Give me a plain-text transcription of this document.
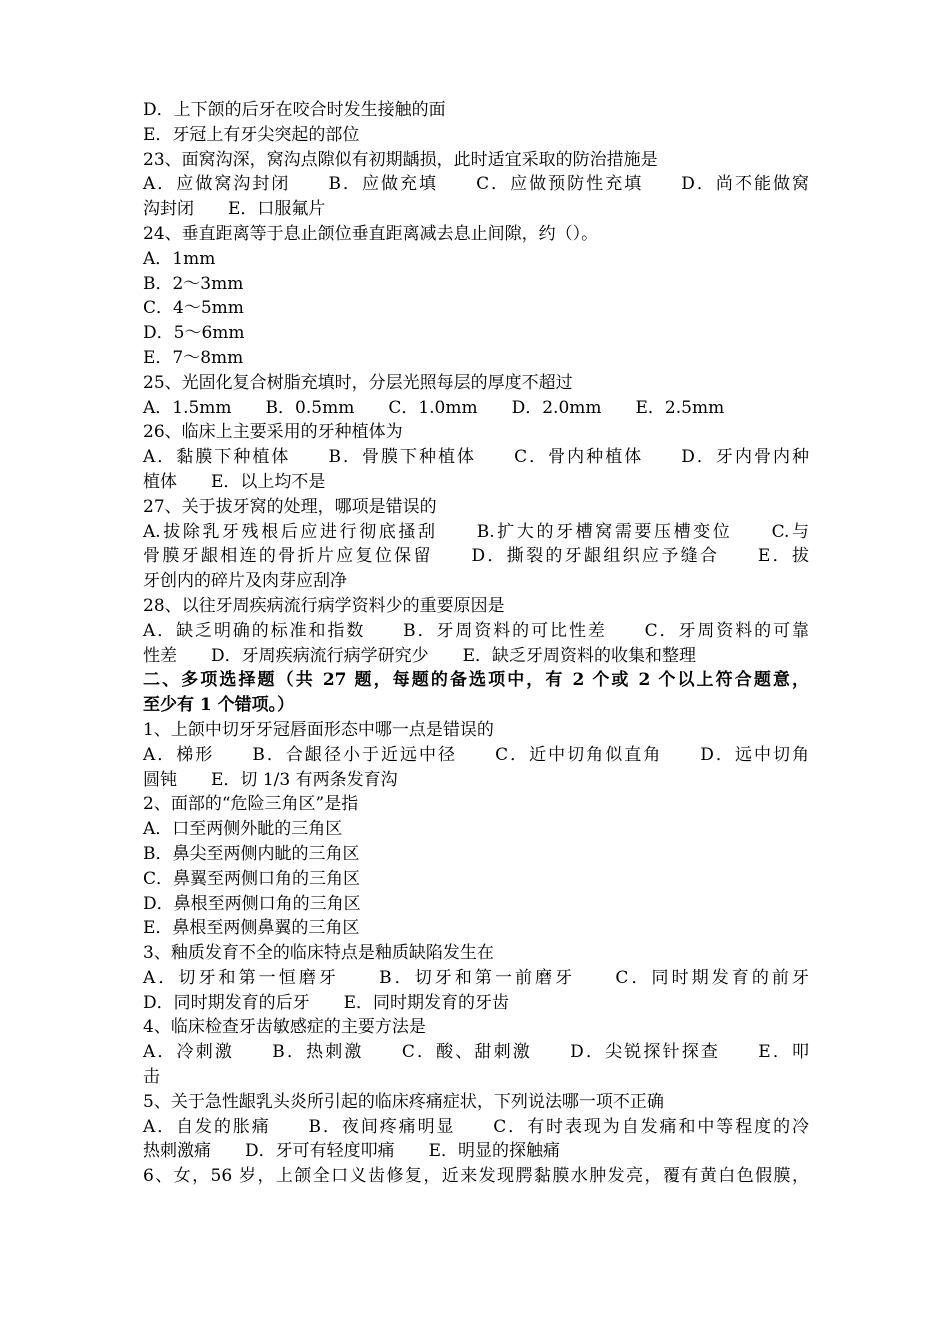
D．上下颌的后牙在咬合时发生接触的面
E．牙冠上有牙尖突起的部位
23、面窝沟深，窝沟点隙似有初期龋损，此时适宜采取的防治措施是
A．应做窝沟封闭　　B．应做充填　　C．应做预防性充填　　D．尚不能做窝
沟封闭　　E．口服氟片
24、垂直距离等于息止颌位垂直距离减去息止间隙，约（）。
A．1mm
B．2～3mm
C．4～5mm
D．5～6mm
E．7～8mm
25、光固化复合树脂充填时，分层光照每层的厚度不超过
A．1.5mm　　B．0.5mm　　C．1.0mm　　D．2.0mm　　E．2.5mm
26、临床上主要采用的牙种植体为
A．黏膜下种植体　　B．骨膜下种植体　　C．骨内种植体　　D．牙内骨内种
植体　　E．以上均不是
27、关于拔牙窝的处理，哪项是错误的
A.拔除乳牙残根后应进行彻底搔刮　　B.扩大的牙槽窝需要压槽变位　　C.与
骨膜牙龈相连的骨折片应复位保留　　D．撕裂的牙龈组织应予缝合　　E．拔
牙创内的碎片及肉芽应刮净
28、以往牙周疾病流行病学资料少的重要原因是
A．缺乏明确的标准和指数　　B．牙周资料的可比性差　　C．牙周资料的可靠
性差　　D．牙周疾病流行病学研究少　　E．缺乏牙周资料的收集和整理
二、多项选择题（共 27 题，每题的备选项中，有 2 个或 2 个以上符合题意，
至少有 1 个错项。）
1、上颌中切牙牙冠唇面形态中哪一点是错误的
A．梯形　　B．合龈径小于近远中径　　C．近中切角似直角　　D．远中切角
圆钝　　E．切 1/3 有两条发育沟
2、面部的“危险三角区”是指
A．口至两侧外眦的三角区
B．鼻尖至两侧内眦的三角区
C．鼻翼至两侧口角的三角区
D．鼻根至两侧口角的三角区
E．鼻根至两侧鼻翼的三角区
3、釉质发育不全的临床特点是釉质缺陷发生在
A．切牙和第一恒磨牙　　B．切牙和第一前磨牙　　C．同时期发育的前牙
D．同时期发育的后牙　　E．同时期发育的牙齿
4、临床检查牙齿敏感症的主要方法是
A．冷刺激　　B．热刺激　　C．酸、甜刺激　　D．尖锐探针探查　　E．叩
击
5、关于急性龈乳头炎所引起的临床疼痛症状，下列说法哪一项不正确
A．自发的胀痛　　B．夜间疼痛明显　　C．有时表现为自发痛和中等程度的冷
热刺激痛　　D．牙可有轻度叩痛　　E．明显的探触痛
6、女，56 岁，上颌全口义齿修复，近来发现腭黏膜水肿发亮，覆有黄白色假膜，
